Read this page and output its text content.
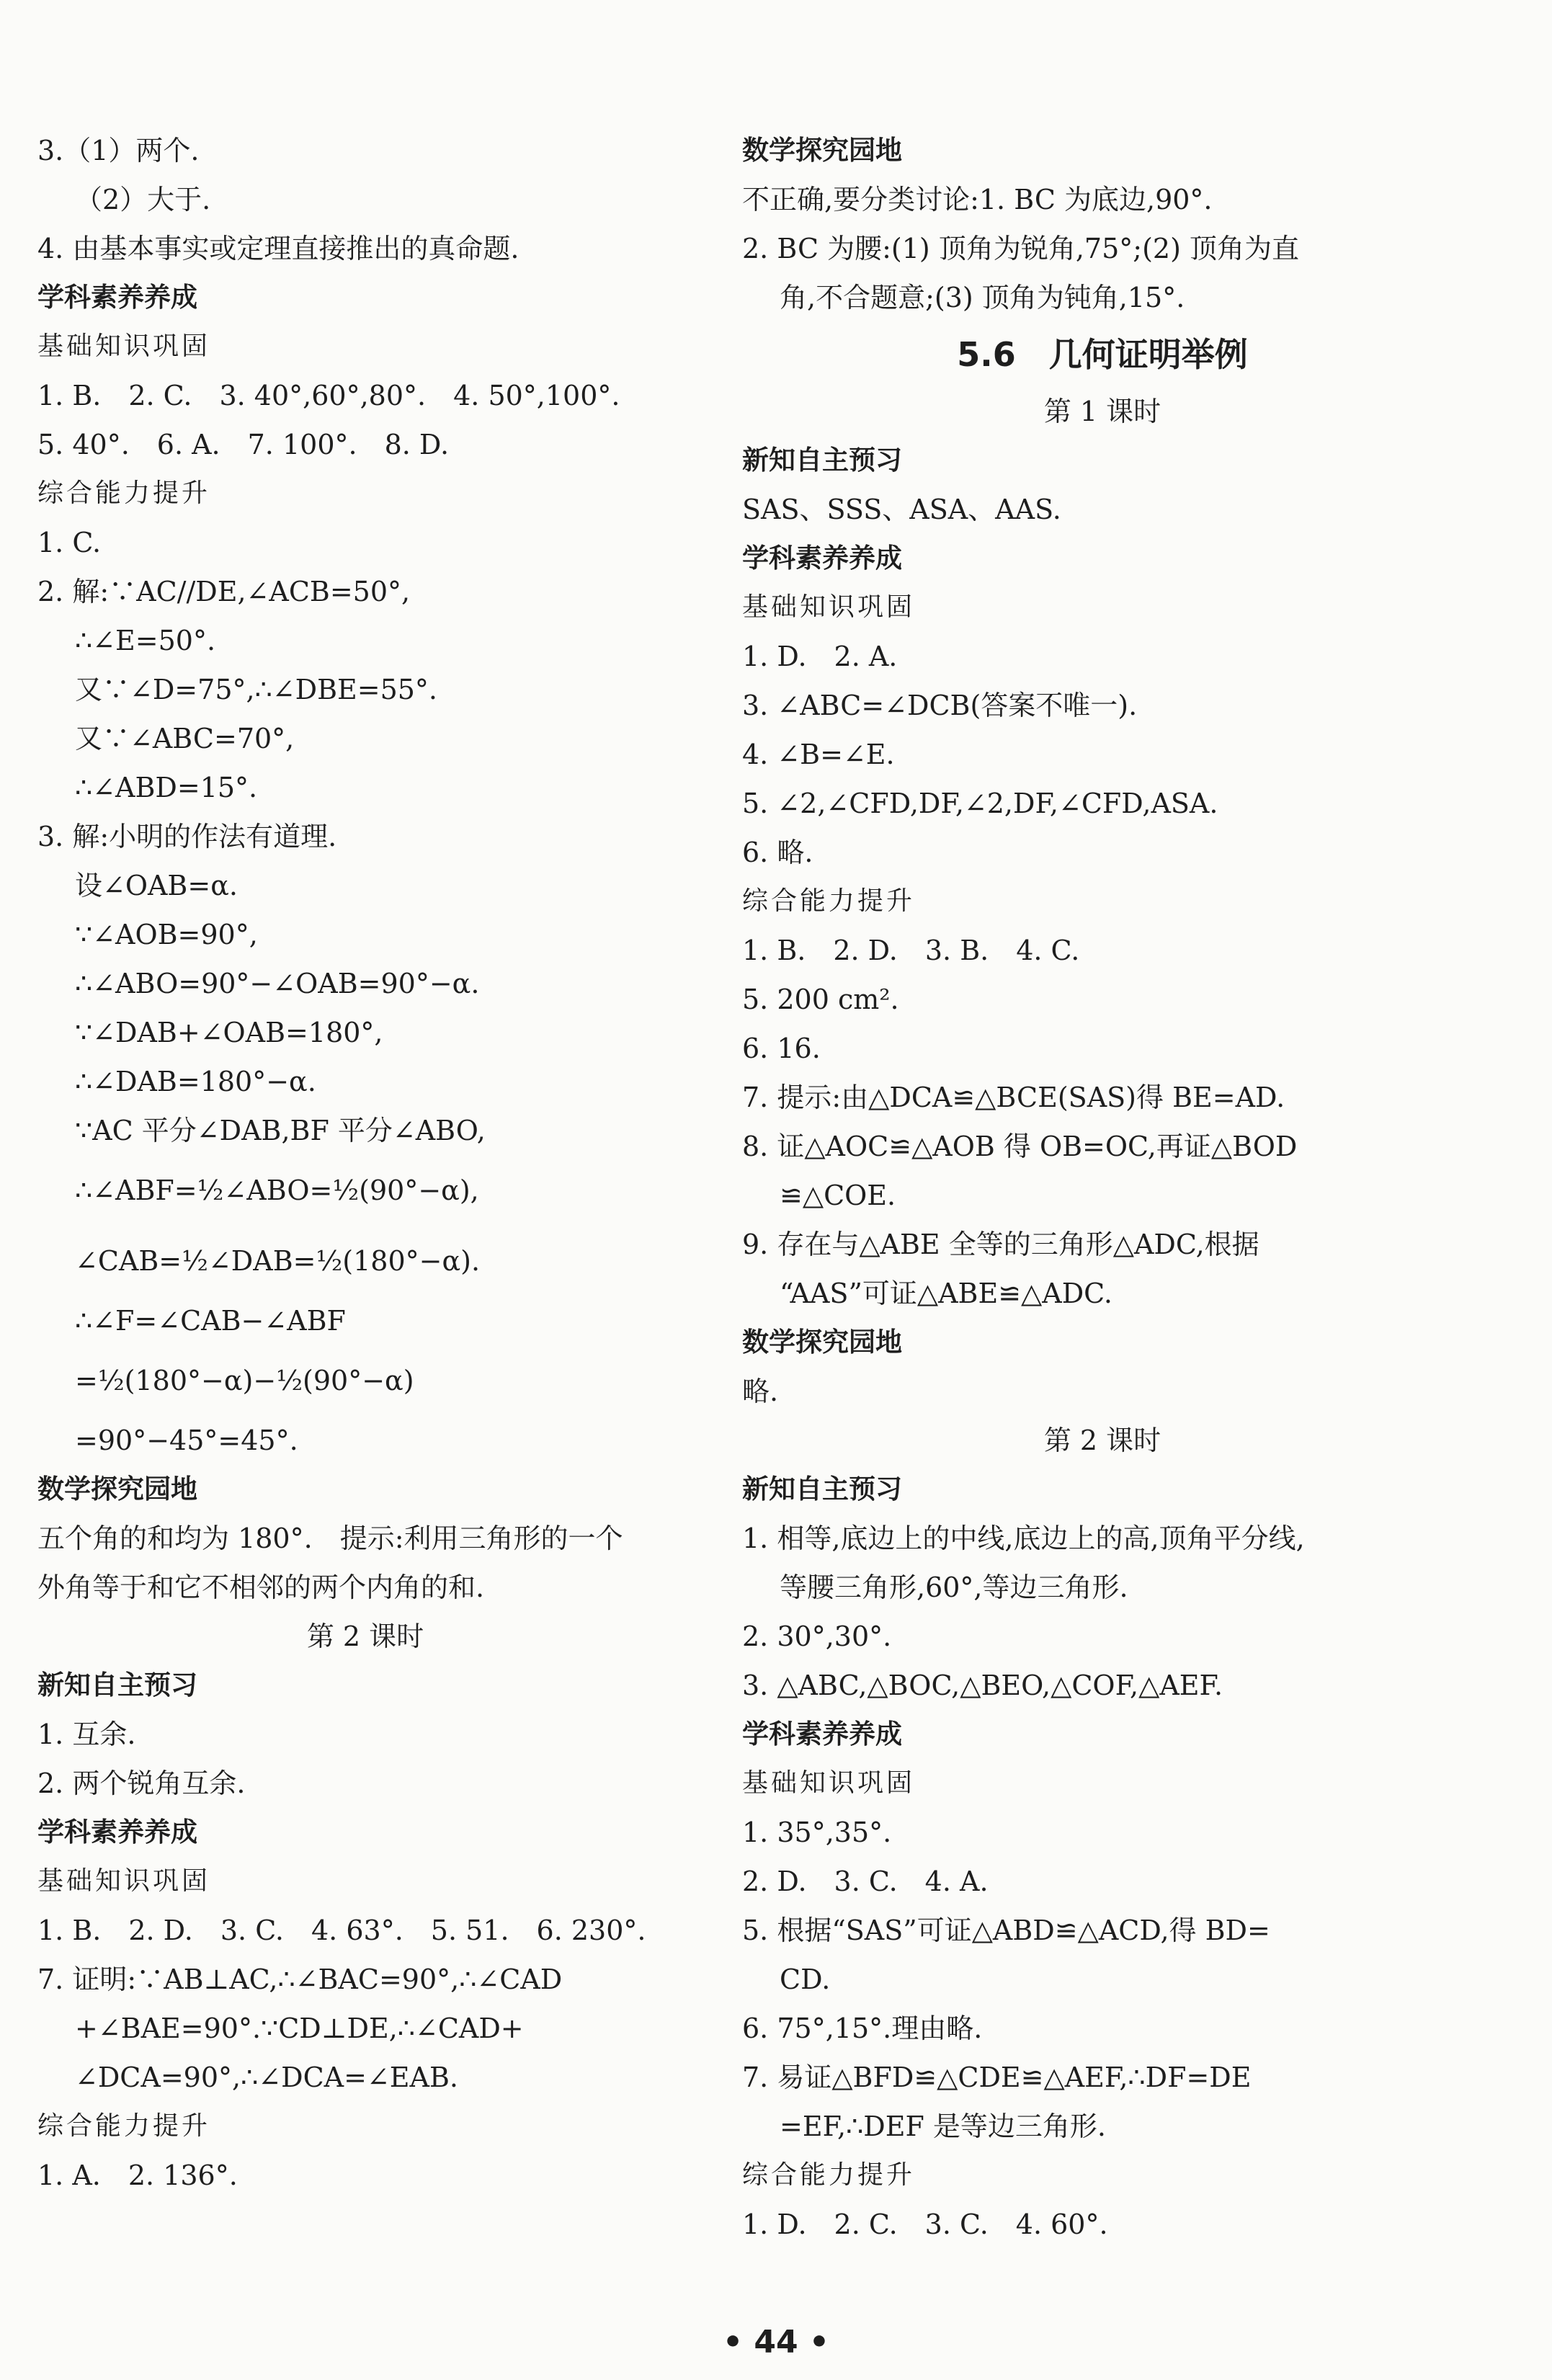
3.（1）两个.
（2）大于.
4. 由基本事实或定理直接推出的真命题.
学科素养养成
基础知识巩固
1. B.　2. C.　3. 40°,60°,80°.　4. 50°,100°.
5. 40°.　6. A.　7. 100°.　8. D.
综合能力提升
1. C.
2. 解:∵AC//DE,∠ACB=50°,
∴∠E=50°.
又∵∠D=75°,∴∠DBE=55°.
又∵∠ABC=70°,
∴∠ABD=15°.
3. 解:小明的作法有道理.
设∠OAB=α.
∵∠AOB=90°,
∴∠ABO=90°−∠OAB=90°−α.
∵∠DAB+∠OAB=180°,
∴∠DAB=180°−α.
∵AC 平分∠DAB,BF 平分∠ABO,
∴∠ABF=½∠ABO=½(90°−α),
∠CAB=½∠DAB=½(180°−α).
∴∠F=∠CAB−∠ABF
=½(180°−α)−½(90°−α)
=90°−45°=45°.
数学探究园地
五个角的和均为 180°.　提示:利用三角形的一个
外角等于和它不相邻的两个内角的和.
第 2 课时
新知自主预习
1. 互余.
2. 两个锐角互余.
学科素养养成
基础知识巩固
1. B.　2. D.　3. C.　4. 63°.　5. 51.　6. 230°.
7. 证明:∵AB⊥AC,∴∠BAC=90°,∴∠CAD
+∠BAE=90°.∵CD⊥DE,∴∠CAD+
∠DCA=90°,∴∠DCA=∠EAB.
综合能力提升
1. A.　2. 136°.
数学探究园地
不正确,要分类讨论:1. BC 为底边,90°.
2. BC 为腰:(1) 顶角为锐角,75°;(2) 顶角为直
角,不合题意;(3) 顶角为钝角,15°.
5.6　几何证明举例
第 1 课时
新知自主预习
SAS、SSS、ASA、AAS.
学科素养养成
基础知识巩固
1. D.　2. A.
3. ∠ABC=∠DCB(答案不唯一).
4. ∠B=∠E.
5. ∠2,∠CFD,DF,∠2,DF,∠CFD,ASA.
6. 略.
综合能力提升
1. B.　2. D.　3. B.　4. C.
5. 200 cm².
6. 16.
7. 提示:由△DCA≌△BCE(SAS)得 BE=AD.
8. 证△AOC≌△AOB 得 OB=OC,再证△BOD
≌△COE.
9. 存在与△ABE 全等的三角形△ADC,根据
“AAS”可证△ABE≌△ADC.
数学探究园地
略.
第 2 课时
新知自主预习
1. 相等,底边上的中线,底边上的高,顶角平分线,
等腰三角形,60°,等边三角形.
2. 30°,30°.
3. △ABC,△BOC,△BEO,△COF,△AEF.
学科素养养成
基础知识巩固
1. 35°,35°.
2. D.　3. C.　4. A.
5. 根据“SAS”可证△ABD≌△ACD,得 BD=
CD.
6. 75°,15°.理由略.
7. 易证△BFD≌△CDE≌△AEF,∴DF=DE
=EF,∴DEF 是等边三角形.
综合能力提升
1. D.　2. C.　3. C.　4. 60°.
• 44 •
